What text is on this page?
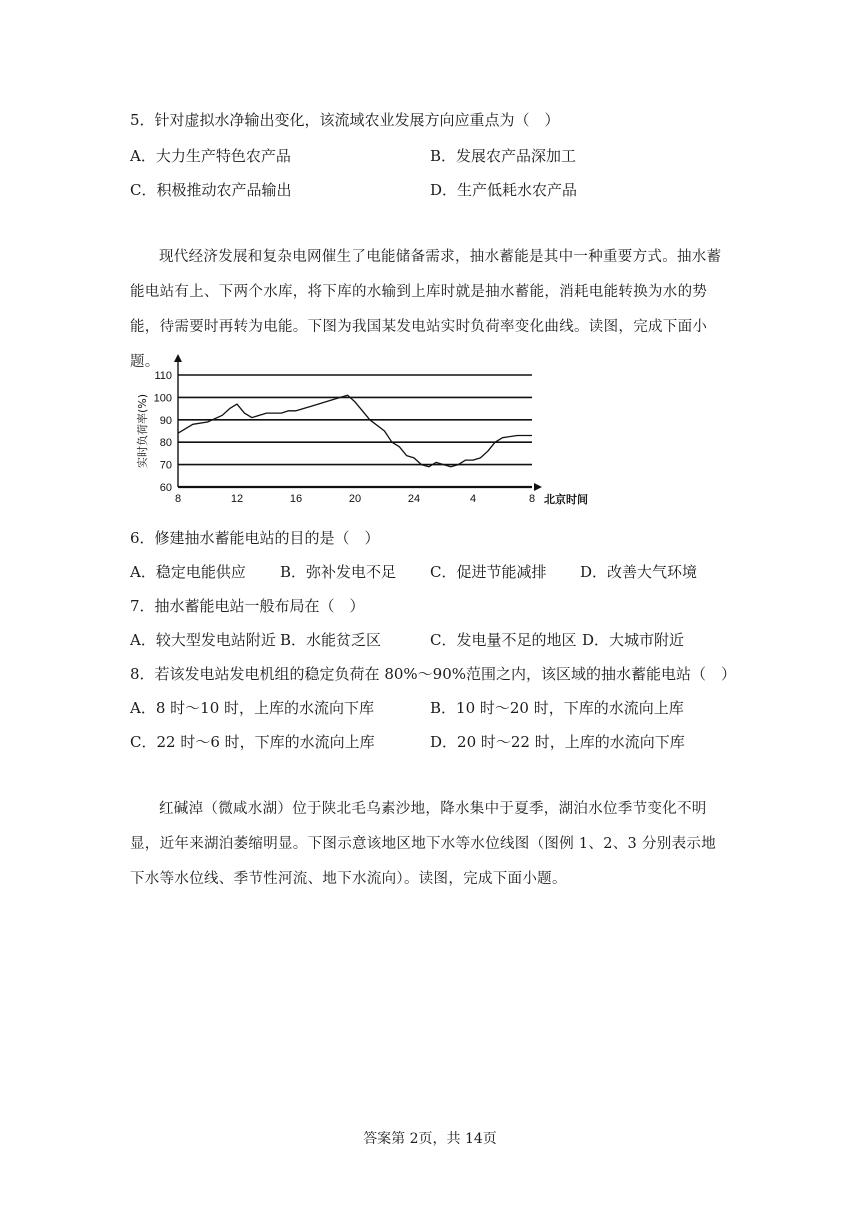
5．针对虚拟水净输出变化，该流域农业发展方向应重点为（　）
A．大力生产特色农产品	B．发展农产品深加工
C．积极推动农产品输出	D．生产低耗水农产品
现代经济发展和复杂电网催生了电能储备需求，抽水蓄能是其中一种重要方式。抽水蓄能电站有上、下两个水库，将下库的水输到上库时就是抽水蓄能，消耗电能转换为水的势能，待需要时再转为电能。下图为我国某发电站实时负荷率变化曲线。读图，完成下面小题。
110
100
90
80
70
60
8	12	16	20	24	4	8 北京时间
实时负荷率(%)
6．修建抽水蓄能电站的目的是（　）
A．稳定电能供应 B．弥补发电不足 C．促进节能减排 D．改善大气环境
7．抽水蓄能电站一般布局在（　）
A．较大型发电站附近 B．水能贫乏区	C．发电量不足的地区 D．大城市附近
8．若该发电站发电机组的稳定负荷在 80%～90%范围之内，该区域的抽水蓄能电站（　）
A．8 时～10 时，上库的水流向下库	B．10 时～20 时，下库的水流向上库
C．22 时～6 时，下库的水流向上库	D．20 时～22 时，上库的水流向下库
红碱淖（微咸水湖）位于陕北毛乌素沙地，降水集中于夏季，湖泊水位季节变化不明显，近年来湖泊萎缩明显。下图示意该地区地下水等水位线图（图例 1、2、3 分别表示地下水等水位线、季节性河流、地下水流向）。读图，完成下面小题。
答案第 2页，共 14页
